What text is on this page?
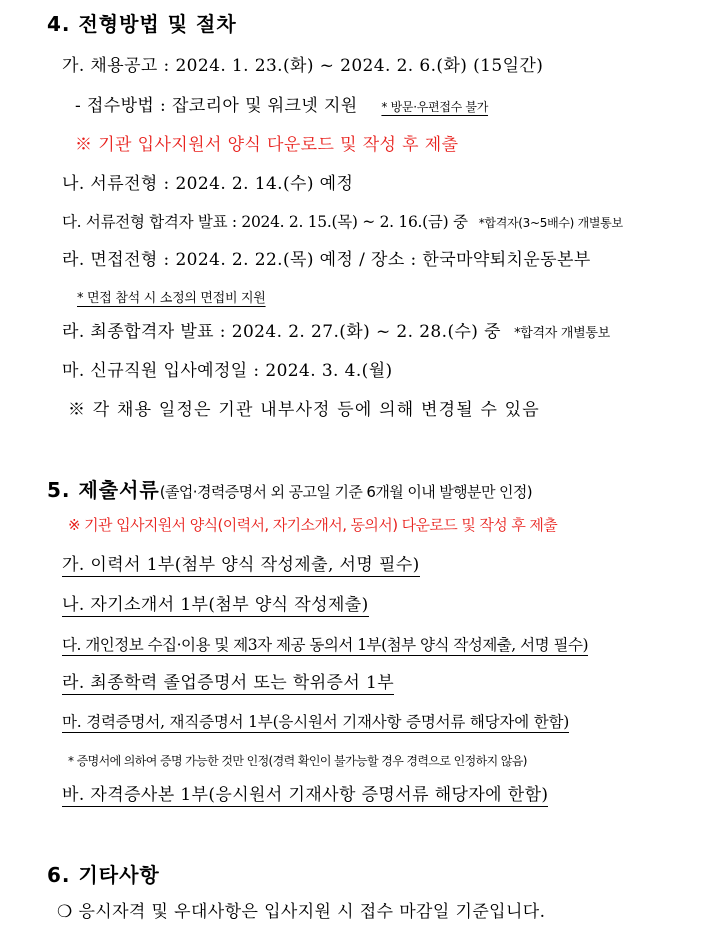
4. 전형방법 및 절차
가. 채용공고 : 2024. 1. 23.(화) ~ 2024. 2. 6.(화) (15일간)
- 접수방법 : 잡코리아 및 워크넷 지원 * 방문·우편접수 불가
※ 기관 입사지원서 양식 다운로드 및 작성 후 제출
나. 서류전형 : 2024. 2. 14.(수) 예정
다. 서류전형 합격자 발표 : 2024. 2. 15.(목) ~ 2. 16.(금) 중 *합격자(3~5배수) 개별통보
라. 면접전형 : 2024. 2. 22.(목) 예정 / 장소 : 한국마약퇴치운동본부
* 면접 참석 시 소정의 면접비 지원
라. 최종합격자 발표 : 2024. 2. 27.(화) ~ 2. 28.(수) 중 *합격자 개별통보
마. 신규직원 입사예정일 : 2024. 3. 4.(월)
※ 각 채용 일정은 기관 내부사정 등에 의해 변경될 수 있음
5. 제출서류(졸업·경력증명서 외 공고일 기준 6개월 이내 발행분만 인정)
※ 기관 입사지원서 양식(이력서, 자기소개서, 동의서) 다운로드 및 작성 후 제출
가. 이력서 1부(첨부 양식 작성제출, 서명 필수)
나. 자기소개서 1부(첨부 양식 작성제출)
다. 개인정보 수집·이용 및 제3자 제공 동의서 1부(첨부 양식 작성제출, 서명 필수)
라. 최종학력 졸업증명서 또는 학위증서 1부
마. 경력증명서, 재직증명서 1부(응시원서 기재사항 증명서류 해당자에 한함)
* 증명서에 의하여 증명 가능한 것만 인정(경력 확인이 불가능할 경우 경력으로 인정하지 않음)
바. 자격증사본 1부(응시원서 기재사항 증명서류 해당자에 한함)
6. 기타사항
❍ 응시자격 및 우대사항은 입사지원 시 접수 마감일 기준입니다.
